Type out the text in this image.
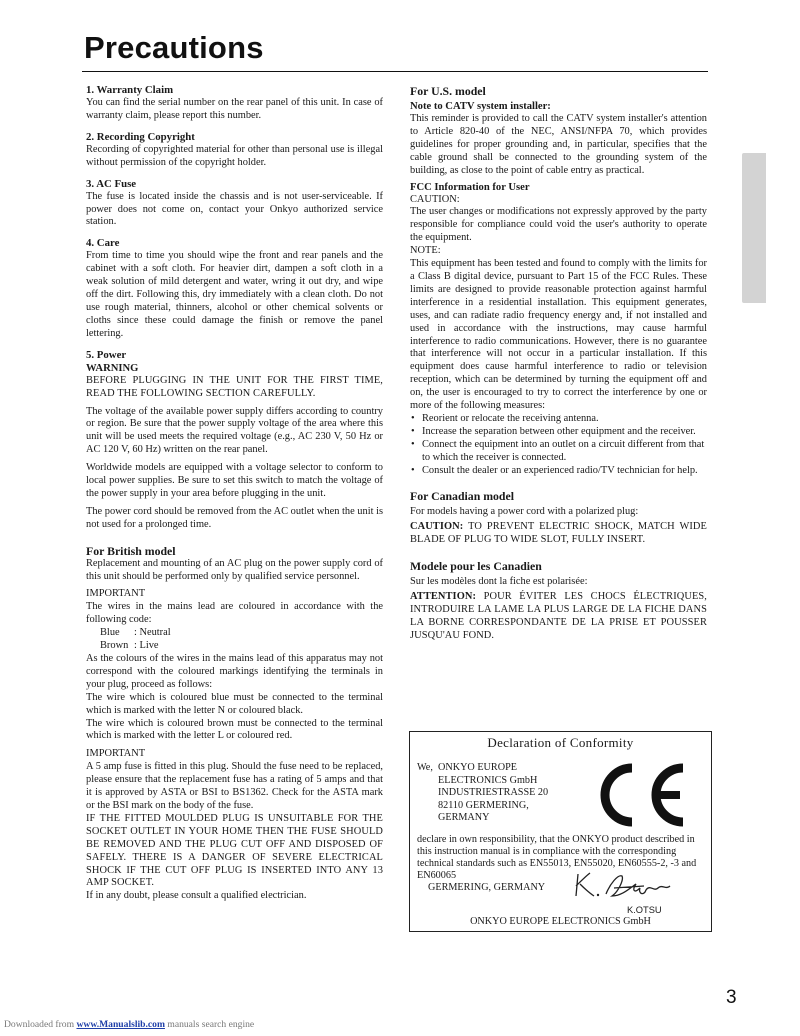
Precautions

1. Warranty Claim

You can find the serial number on the rear panel of this unit. In case of warranty claim, please report this number.

2. Recording Copyright

Recording of copyrighted material for other than personal use is illegal without permission of the copyright holder.

3. AC Fuse

The fuse is located inside the chassis and is not user-serviceable. If power does not come on, contact your Onkyo authorized service station.

4. Care

From time to time you should wipe the front and rear panels and the cabinet with a soft cloth. For heavier dirt, dampen a soft cloth in a weak solution of mild detergent and water, wring it out dry, and wipe off the dirt. Following this, dry immediately with a clean cloth. Do not use rough material, thinners, alcohol or other chemical solvents or cloths since these could damage the finish or remove the panel lettering.

5. Power

WARNING

BEFORE PLUGGING IN THE UNIT FOR THE FIRST TIME, READ THE FOLLOWING SECTION CAREFULLY.

The voltage of the available power supply differs according to country or region. Be sure that the power supply voltage of the area where this unit will be used meets the required voltage (e.g., AC 230 V, 50 Hz or AC 120 V, 60 Hz) written on the rear panel.

Worldwide models are equipped with a voltage selector to conform to local power supplies. Be sure to set this switch to match the voltage of the power supply in your area before plugging in the unit.

The power cord should be removed from the AC outlet when the unit is not used for a prolonged time.

For British model

Replacement and mounting of an AC plug on the power supply cord of this unit should be performed only by qualified service personnel.

IMPORTANT

The wires in the mains lead are coloured in accordance with the following code:

Blue : Neutral
Brown : Live

As the colours of the wires in the mains lead of this apparatus may not correspond with the coloured markings identifying the terminals in your plug, proceed as follows:

The wire which is coloured blue must be connected to the terminal which is marked with the letter N or coloured black.

The wire which is coloured brown must be connected to the terminal which is marked with the letter L or coloured red.

IMPORTANT

A 5 amp fuse is fitted in this plug. Should the fuse need to be replaced, please ensure that the replacement fuse has a rating of 5 amps and that it is approved by ASTA or BSI to BS1362. Check for the ASTA mark or the BSI mark on the body of the fuse.

IF THE FITTED MOULDED PLUG IS UNSUITABLE FOR THE SOCKET OUTLET IN YOUR HOME THEN THE FUSE SHOULD BE REMOVED AND THE PLUG CUT OFF AND DISPOSED OF SAFELY. THERE IS A DANGER OF SEVERE ELECTRICAL SHOCK IF THE CUT OFF PLUG IS INSERTED INTO ANY 13 AMP SOCKET.

If in any doubt, please consult a qualified electrician.

For U.S. model

Note to CATV system installer:

This reminder is provided to call the CATV system installer's attention to Article 820-40 of the NEC, ANSI/NFPA 70, which provides guidelines for proper grounding and, in particular, specifies that the cable ground shall be connected to the grounding system of the building, as close to the point of cable entry as practical.

FCC Information for User

CAUTION:

The user changes or modifications not expressly approved by the party responsible for compliance could void the user's authority to operate the equipment.

NOTE:

This equipment has been tested and found to comply with the limits for a Class B digital device, pursuant to Part 15 of the FCC Rules. These limits are designed to provide reasonable protection against harmful interference in a residential installation. This equipment generates, uses, and can radiate radio frequency energy and, if not installed and used in accordance with the instructions, may cause harmful interference to radio communications. However, there is no guarantee that interference will not occur in a particular installation. If this equipment does cause harmful interference to radio or television reception, which can be determined by turning the equipment off and on, the user is encouraged to try to correct the interference by one or more of the following measures:

• Reorient or relocate the receiving antenna.
• Increase the separation between other equipment and the receiver.
• Connect the equipment into an outlet on a circuit different from that to which the receiver is connected.
• Consult the dealer or an experienced radio/TV technician for help.

For Canadian model

For models having a power cord with a polarized plug:

CAUTION: TO PREVENT ELECTRIC SHOCK, MATCH WIDE BLADE OF PLUG TO WIDE SLOT, FULLY INSERT.

Modele pour les Canadien

Sur les modèles dont la fiche est polarisée:

ATTENTION: POUR ÉVITER LES CHOCS ÉLECTRIQUES, INTRODUIRE LA LAME LA PLUS LARGE DE LA FICHE DANS LA BORNE CORRESPONDANTE DE LA PRISE ET POUSSER JUSQU'AU FOND.

Declaration of Conformity
We, ONKYO EUROPE
ELECTRONICS GmbH
INDUSTRIESTRASSE 20
82110 GERMERING,
GERMANY
declare in own responsibility, that the ONKYO product described in this instruction manual is in compliance with the corresponding technical standards such as EN55013, EN55020, EN60555-2, -3 and EN60065
GERMERING, GERMANY
K.OTSU
ONKYO EUROPE ELECTRONICS GmbH
3
Downloaded from www.Manualslib.com manuals search engine
